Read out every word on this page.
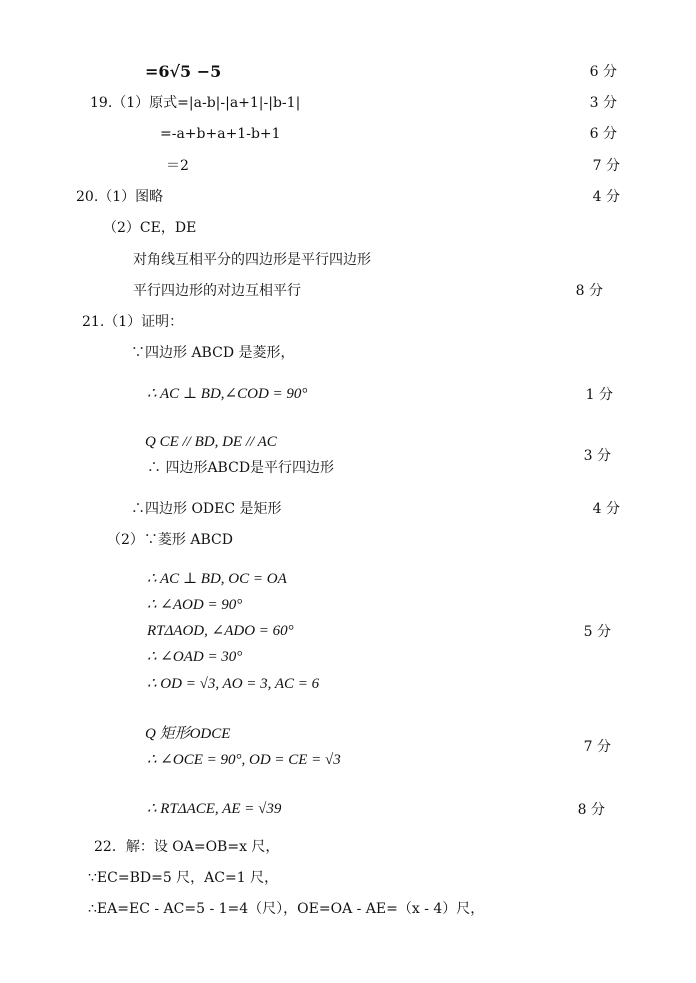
=6√5 −5
19.（1）原式=|a-b|-|a+1|-|b-1|
=-a+b+a+1-b+1
＝2
20.（1）图略
（2）CE，DE
对角线互相平分的四边形是平行四边形
平行四边形的对边互相平行
21.（1）证明：
∵四边形 ABCD 是菱形，
∴ AC ⊥ BD,∠COD = 90°
Q CE // BD, DE // AC
∴ 四边形ABCD是平行四边形
∴四边形 ODEC 是矩形
（2）∵菱形 ABCD
∴ AC ⊥ BD, OC = OA
∴ ∠AOD = 90°
RTΔAOD, ∠ADO = 60°
∴ ∠OAD = 30°
∴ OD = √3, AO = 3, AC = 6
Q 矩形ODCE
∴ ∠OCE = 90°, OD = CE = √3
∴ RTΔACE, AE = √39
22．解：设 OA=OB=x 尺，
∵EC=BD=5 尺，AC=1 尺，
∴EA=EC - AC=5 - 1=4（尺），OE=OA - AE=（x - 4）尺，
6 分
3 分
6 分
7 分
4 分
8 分
1 分
3 分
4 分
5 分
7 分
8 分
